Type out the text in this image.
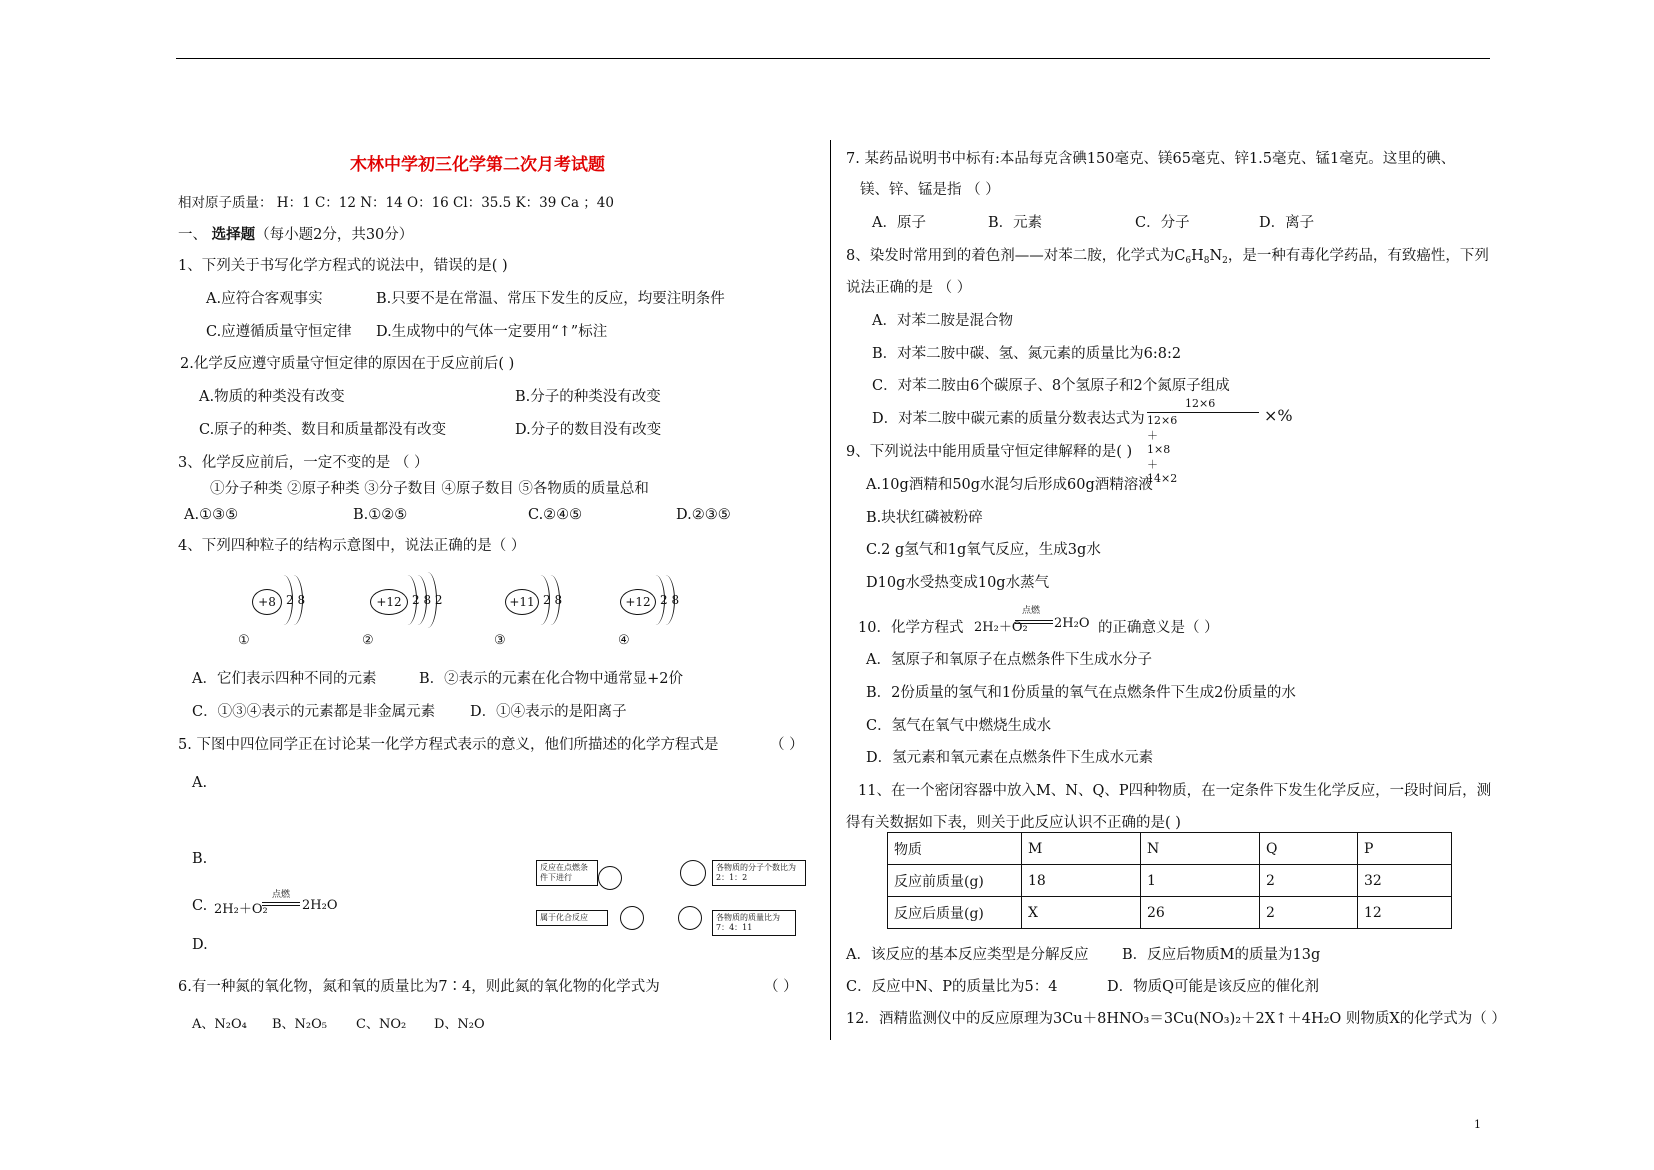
木林中学初三化学第二次月考试题
相对原子质量： H：1 C：12 N：14 O：16 Cl：35.5 K：39 Ca ；40
一、 选择题（每小题2分，共30分）
1、下列关于书写化学方程式的说法中，错误的是( )
A.应符合客观事实	B.只要不是在常温、常压下发生的反应，均要注明条件
C.应遵循质量守恒定律 D.生成物中的气体一定要用“↑”标注
2.化学反应遵守质量守恒定律的原因在于反应前后( )
A.物质的种类没有改变	B.分子的种类没有改变
C.原子的种类、数目和质量都没有改变	D.分子的数目没有改变
3、化学反应前后，一定不变的是 （ ）
①分子种类 ②原子种类 ③分子数目 ④原子数目 ⑤各物质的质量总和
A.①③⑤	B.①②⑤	C.②④⑤	D.②③⑤
4、下列四种粒子的结构示意图中，说法正确的是（ ）
+8 2 8	+12 2 8 2	+11 2 8	+12 2 8
①	②	③	④
A．它们表示四种不同的元素	B．②表示的元素在化合物中通常显+2价
C．①③④表示的元素都是非金属元素 D．①④表示的是阳离子
5. 下图中四位同学正在讨论某一化学方程式表示的意义，他们所描述的化学方程式是	（ ）
A.
B.
C. 2H₂＋O₂
点燃
2H₂O
D.
反应在点燃条件下进行
各物质的分子个数比为2：1：2
属于化合反应	各物质的质量比为7：4：11
6.有一种氮的氧化物，氮和氧的质量比为7∶4，则此氮的氧化物的化学式为	（ ）
A、N₂O₄ B、N₂O₅ C、NO₂ D、N₂O
7. 某药品说明书中标有:本品每克含碘150毫克、镁65毫克、锌1.5毫克、锰1毫克。这里的碘、
镁、锌、锰是指 （ ）
A．原子	B．元素	C．分子	D．离子
8、染发时常用到的着色剂——对苯二胺，化学式为$C_6H_8N_2$，是一种有毒化学药品，有致癌性，下列
说法正确的是 （ ）
A．对苯二胺是混合物
B．对苯二胺中碳、氢、氮元素的质量比为6:8:2
C．对苯二胺由6个碳原子、8个氢原子和2个氮原子组成
D．对苯二胺中碳元素的质量分数表达式为
12×6
12×6＋1×8＋14×2
×%
9、下列说法中能用质量守恒定律解释的是( )
A.10g酒精和50g水混匀后形成60g酒精溶液
B.块状红磷被粉碎
C.2 g氢气和1g氧气反应，生成3g水
D10g水受热变成10g水蒸气
10．化学方程式 2H₂＋O₂
点燃
2H₂O 的正确意义是（ ）
A．氢原子和氧原子在点燃条件下生成水分子
B．2份质量的氢气和1份质量的氧气在点燃条件下生成2份质量的水
C．氢气在氧气中燃烧生成水
D．氢元素和氧元素在点燃条件下生成水元素
11、在一个密闭容器中放入M、N、Q、P四种物质，在一定条件下发生化学反应，一段时间后，测
得有关数据如下表，则关于此反应认识不正确的是( )
物质	M	N	Q	P
反应前质量(g)	18	1	2	32
反应后质量(g)	X	26	2	12
A．该反应的基本反应类型是分解反应 B．反应后物质M的质量为13g
C．反应中N、P的质量比为5：4	D．物质Q可能是该反应的催化剂
12．酒精监测仪中的反应原理为3Cu＋8HNO₃＝3Cu(NO₃)₂＋2X↑＋4H₂O 则物质X的化学式为（ ）
1
